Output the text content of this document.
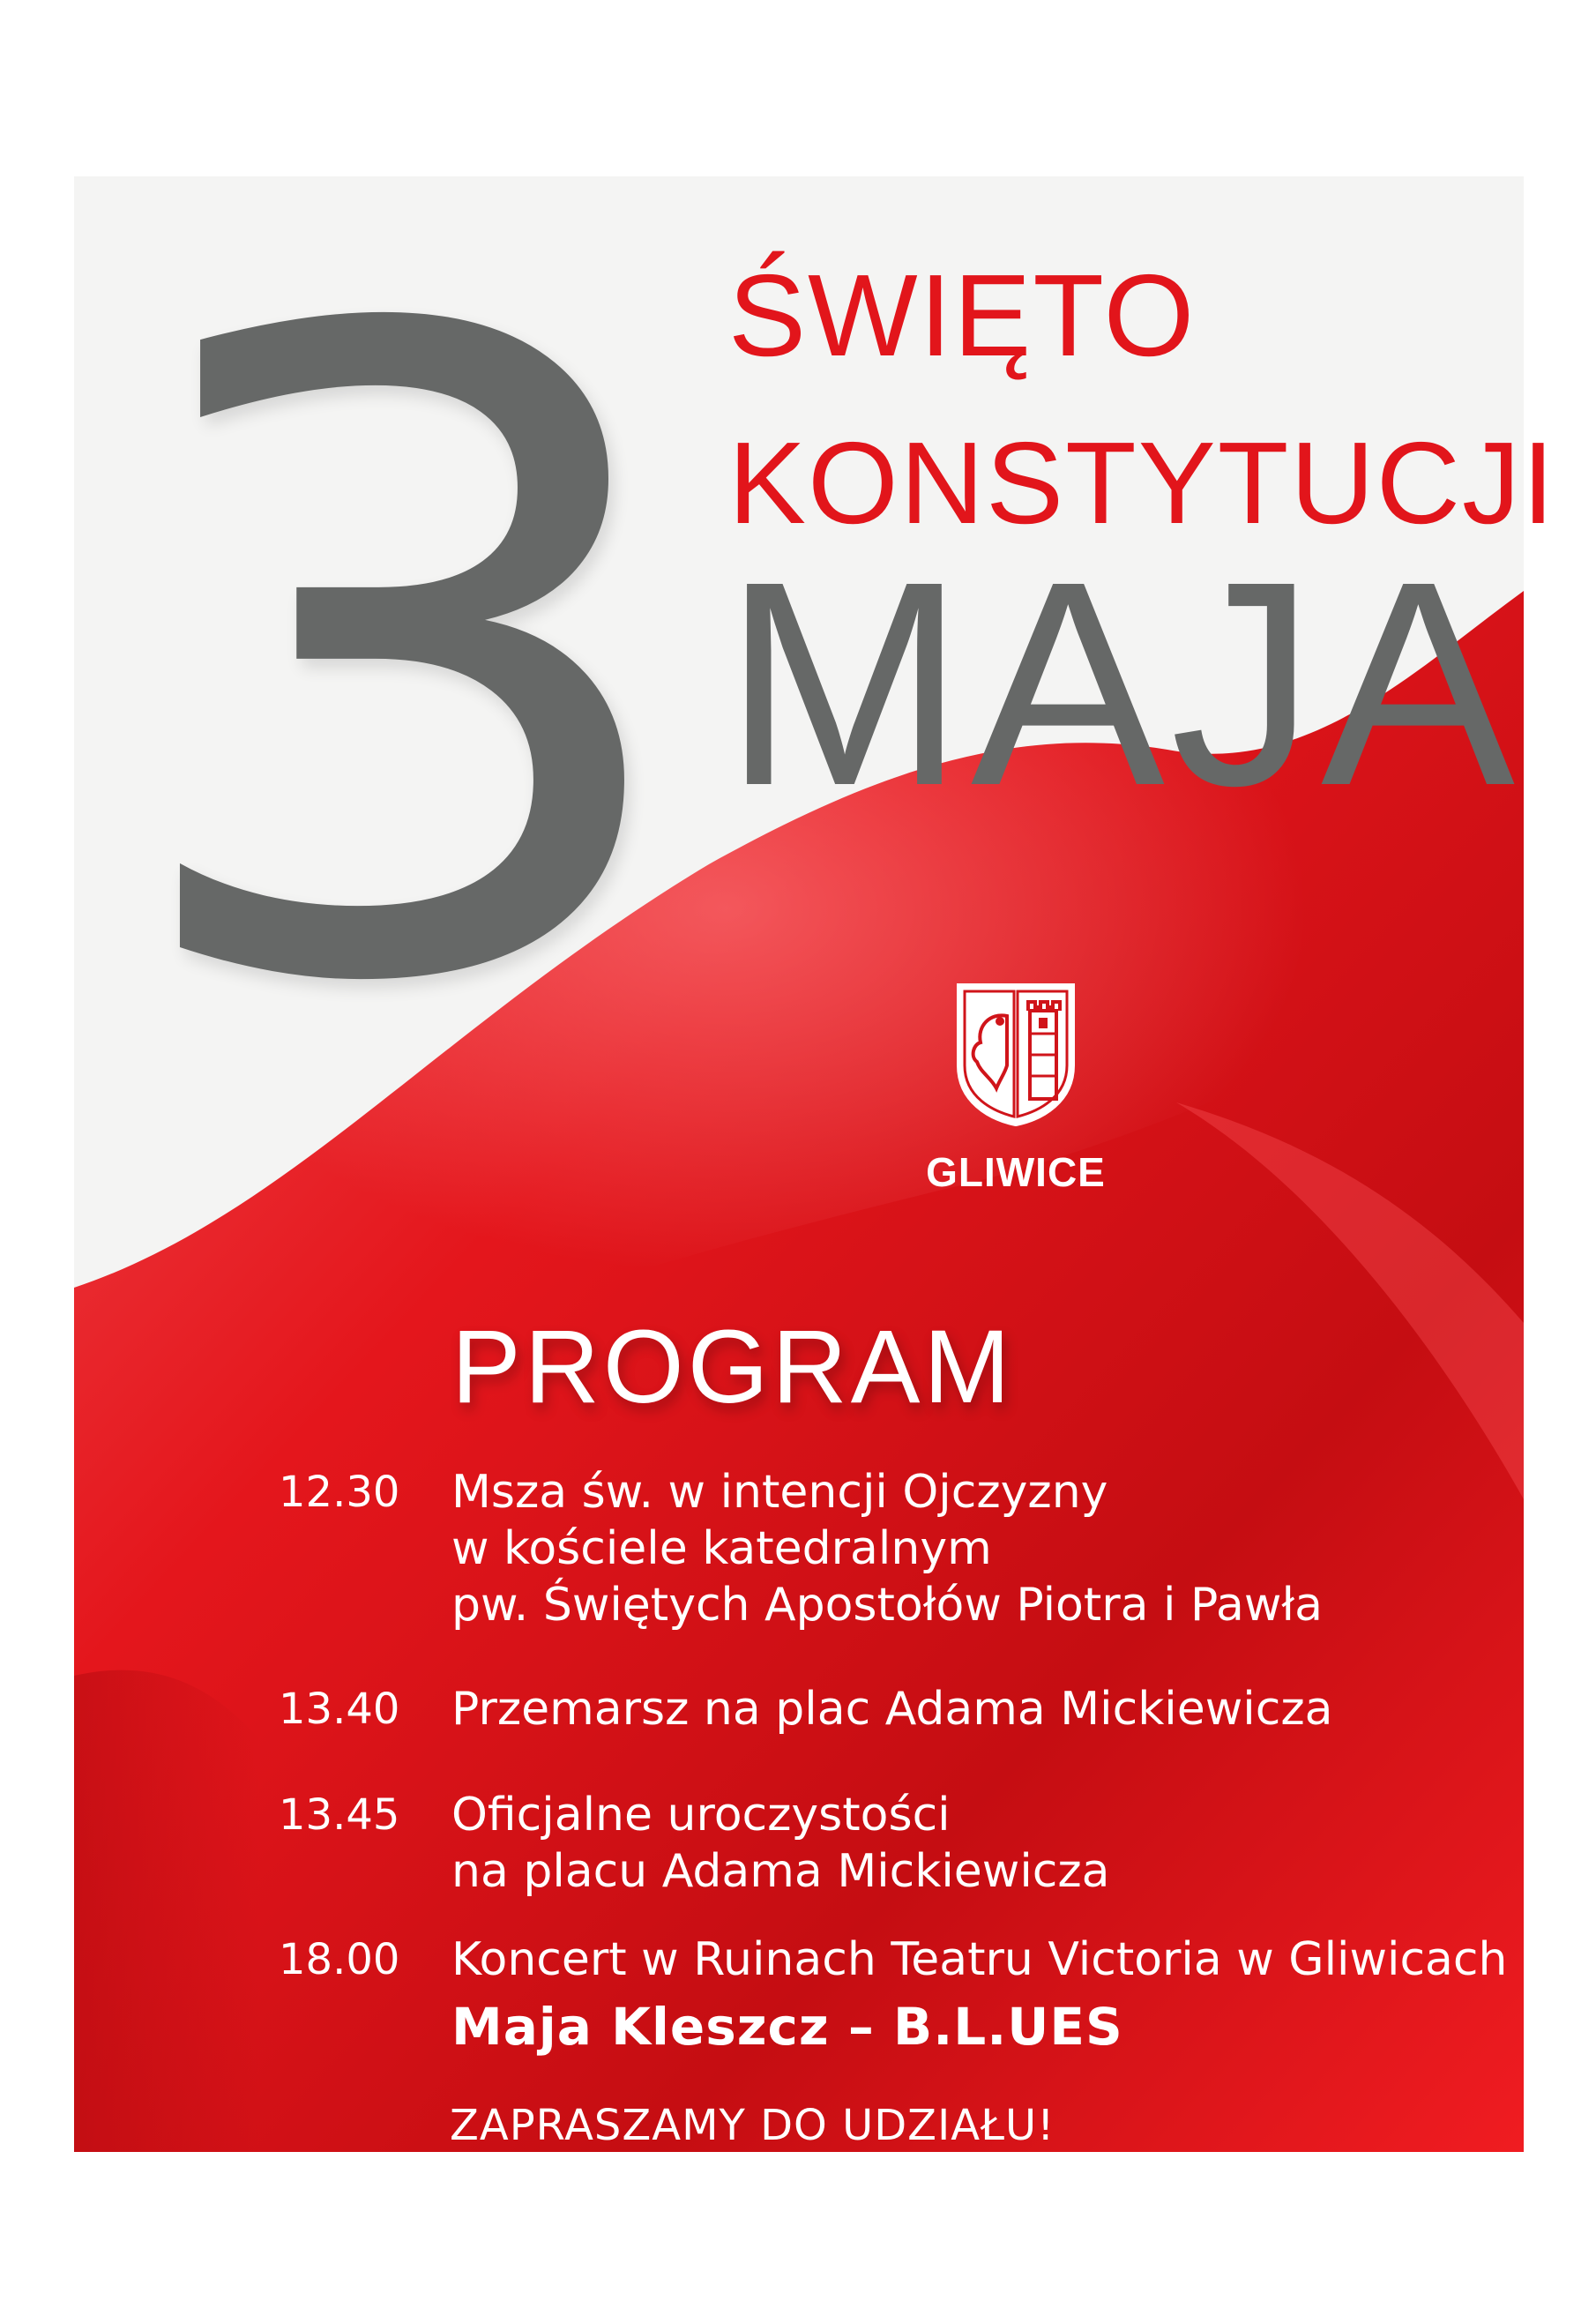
3 ŚWIĘTO
KONSTYTUCJI
MAJA
GLIWICE
PROGRAM
12.30 Msza św. w intencji Ojczyzny
w kościele katedralnym
pw. Świętych Apostołów Piotra i Pawła
13.40 Przemarsz na plac Adama Mickiewicza
13.45 Oficjalne uroczystości
na placu Adama Mickiewicza
18.00 Koncert w Ruinach Teatru Victoria w Gliwicach
Maja Kleszcz – B.L.UES
ZAPRASZAMY DO UDZIAŁU!
Ruiny Teatru Victoria w Gliwicach, aleja Przyjaźni 18
Bilety na koncert w cenie 5 zł dostępne w kasach kina Amok,
Centrum Informacji Kulturalnej i Turystycznej oraz www.ckvictoria.pl
